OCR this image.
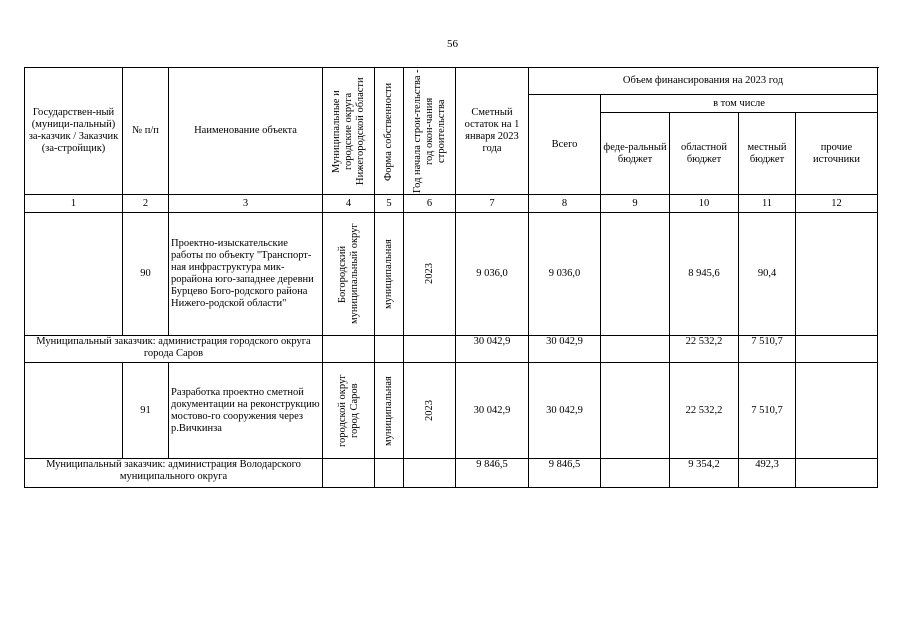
56
Государствен-ный (муници-пальный) за-казчик / Заказчик (за-стройщик)	№ п/п	Наименование объекта	Муниципальные и городские округа Нижегородской области	Форма собственности	Год начала строи-тельства - год окон-чания строительства	Сметный остаток на 1 января 2023 года	Объем финансирования на 2023 год				
							Всего	в том числе			
								феде-ральный бюджет	областной бюджет	местный бюджет	прочие источники
1	2	3	4	5	6	7	8	9	10	11	12
	90	Проектно-изыскательские работы по объекту "Транспорт-ная инфраструктура мик-рорайона юго-западнее деревни Бурцево Бого-родского района Нижего-родской области"	Богородский муниципальный округ	муниципальная	2023	9 036,0	9 036,0		8 945,6	90,4	
Муниципальный заказчик: администрация городского округа города Саров						30 042,9	30 042,9		22 532,2	7 510,7	
	91	Разработка проектно сметной документации на реконструкцию мостово-го сооружения через р.Вичкинза	городской округ город Саров	муниципальная	2023	30 042,9	30 042,9		22 532,2	7 510,7	
Муниципальный заказчик: администрация Володарского муниципального округа						9 846,5	9 846,5		9 354,2	492,3	
